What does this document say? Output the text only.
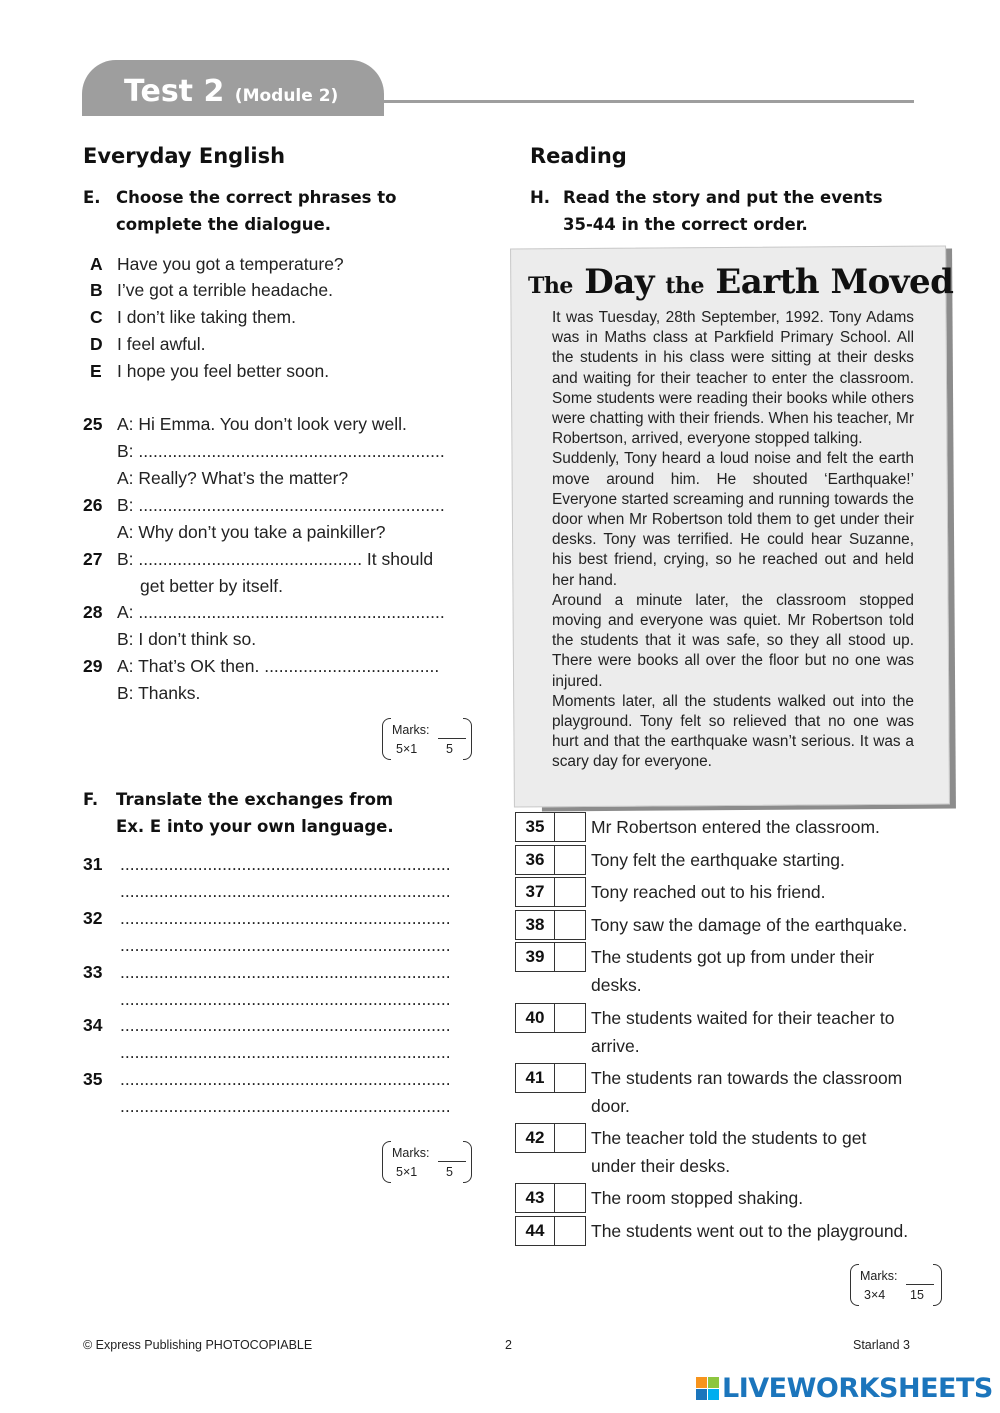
Test 2 (Module 2)
Everyday English
E. Choose the correct phrases to
complete the dialogue.
A Have you got a temperature?
B I’ve got a terrible headache.
C I don’t like taking them.
D I feel awful.
E I hope you feel better soon.
25 A: Hi Emma. You don’t look very well.
B: ...............................................................
A: Really? What’s the matter?
26 B: ...............................................................
A: Why don’t you take a painkiller?
27 B: .............................................. It should
get better by itself.
28 A: ...............................................................
B: I don’t think so.
29 A: That’s OK then. ....................................
B: Thanks.
Marks:
5×1 5
F. Translate the exchanges from
Ex. E into your own language.
31 ....................................................................
....................................................................
32 ....................................................................
....................................................................
33 ....................................................................
....................................................................
34 ....................................................................
....................................................................
35 ....................................................................
....................................................................
Marks:
5×1 5
Reading
H. Read the story and put the events
35-44 in the correct order.
The Day the Earth Moved

It was Tuesday, 28th September, 1992. Tony Adams was in Maths class at Parkfield Primary School. All the students in his class were sitting at their desks and waiting for their teacher to enter the classroom. Some students were reading their books while others were chatting with their friends. When his teacher, Mr Robertson, arrived, everyone stopped talking.

Suddenly, Tony heard a loud noise and felt the earth move around him. He shouted ‘Earthquake!’ Everyone started screaming and running towards the door when Mr Robertson told them to get under their desks. Tony was terrified. He could hear Suzanne, his best friend, crying, so he reached out and held her hand.

Around a minute later, the classroom stopped moving and everyone was quiet. Mr Robertson told the students that it was safe, so they all stood up. There were books all over the floor but no one was injured.

Moments later, all the students walked out into the playground. Tony felt so relieved that no one was hurt and that the earthquake wasn’t serious. It was a scary day for everyone.

35	Mr Robertson entered the classroom.
36	Tony felt the earthquake starting.
37	Tony reached out to his friend.
38	Tony saw the damage of the earthquake.
39	The students got up from under their desks.
40	The students waited for their teacher to arrive.
41	The students ran towards the classroom door.
42	The teacher told the students to get under their desks.
43	The room stopped shaking.
44	The students went out to the playground.
Marks:
3×4 15
© Express Publishing PHOTOCOPIABLE	2	Starland 3
LIVEWORKSHEETS
